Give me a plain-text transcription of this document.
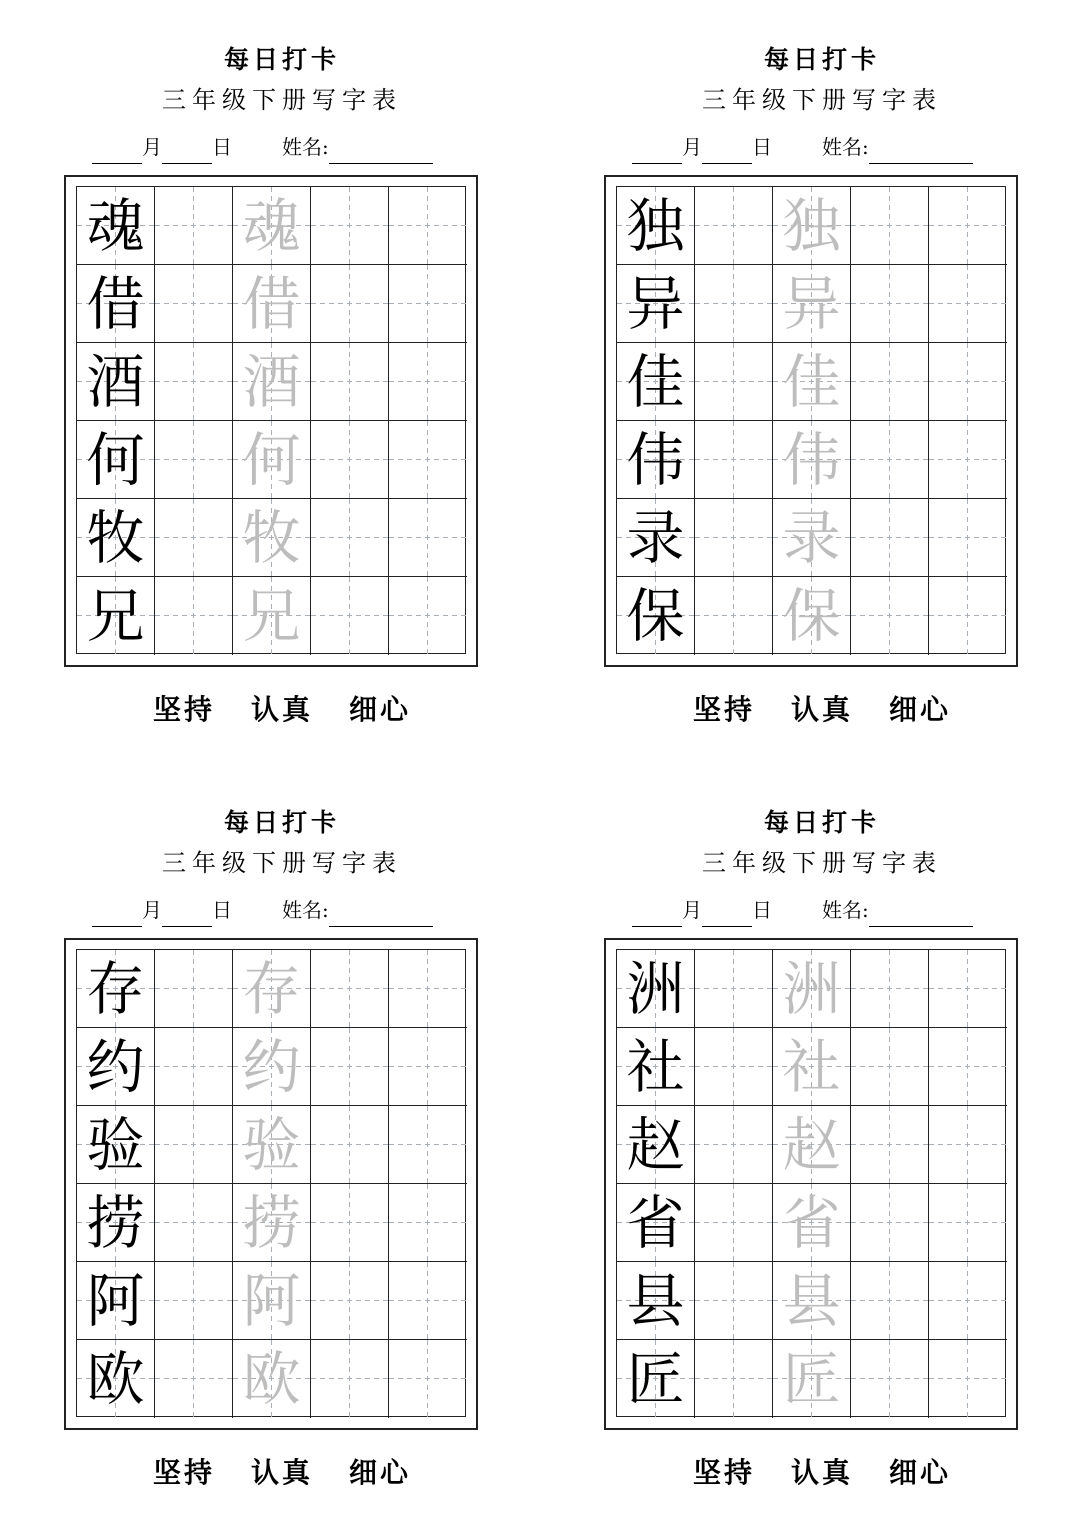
每日打卡
三年级下册写字表
月	日	姓名:
魂 魂
借 借
酒 酒
何 何
牧 牧
兄 兄
坚持 认真 细心
每日打卡
三年级下册写字表
月	日	姓名:
独 独
异 异
佳 佳
伟 伟
录 录
保 保
坚持 认真 细心
每日打卡
三年级下册写字表
月	日	姓名:
存 存
约 约
验 验
捞 捞
阿 阿
欧 欧
坚持 认真 细心
每日打卡
三年级下册写字表
月	日	姓名:
洲 洲
社 社
赵 赵
省 省
县 县
匠 匠
坚持 认真 细心
